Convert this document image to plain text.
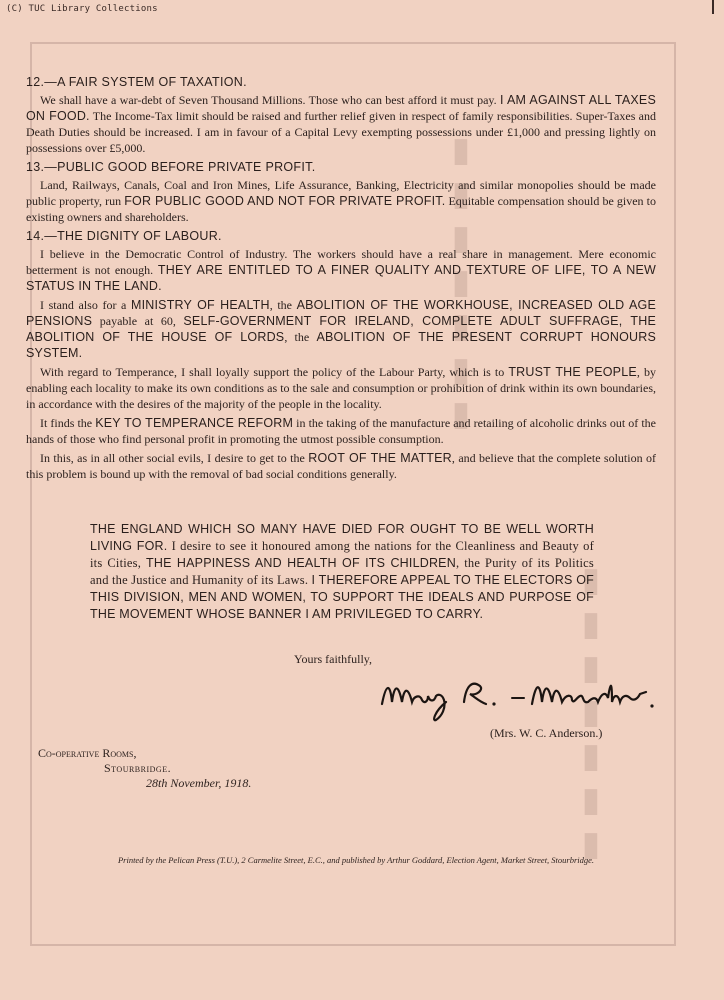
(C) TUC Library Collections
▮▮▮▮▮▮▮
▮▮▮▮▮▮▮

12.—A FAIR SYSTEM OF TAXATION.

We shall have a war-debt of Seven Thousand Millions. Those who can best afford it must pay. I AM AGAINST ALL TAXES ON FOOD. The Income-Tax limit should be raised and further relief given in respect of family responsibilities. Super-Taxes and Death Duties should be increased. I am in favour of a Capital Levy exempting possessions under £1,000 and pressing lightly on possessions over £5,000.

13.—PUBLIC GOOD BEFORE PRIVATE PROFIT.

Land, Railways, Canals, Coal and Iron Mines, Life Assurance, Banking, Electricity and similar monopolies should be made public property, run FOR PUBLIC GOOD AND NOT FOR PRIVATE PROFIT. Equitable compensation should be given to existing owners and shareholders.

14.—THE DIGNITY OF LABOUR.

I believe in the Democratic Control of Industry. The workers should have a real share in management. Mere economic betterment is not enough. THEY ARE ENTITLED TO A FINER QUALITY AND TEXTURE OF LIFE, TO A NEW STATUS IN THE LAND.

I stand also for a MINISTRY OF HEALTH, the ABOLITION OF THE WORKHOUSE, INCREASED OLD AGE PENSIONS payable at 60, SELF-GOVERNMENT FOR IRELAND, COMPLETE ADULT SUFFRAGE, THE ABOLITION OF THE HOUSE OF LORDS, the ABOLITION OF THE PRESENT CORRUPT HONOURS SYSTEM.

With regard to Temperance, I shall loyally support the policy of the Labour Party, which is to TRUST THE PEOPLE, by enabling each locality to make its own conditions as to the sale and consumption or prohibition of drink within its own boundaries, in accordance with the desires of the majority of the people in the locality.

It finds the KEY TO TEMPERANCE REFORM in the taking of the manufacture and retailing of alcoholic drinks out of the hands of those who find personal profit in promoting the utmost possible consumption.

In this, as in all other social evils, I desire to get to the ROOT OF THE MATTER, and believe that the complete solution of this problem is bound up with the removal of bad social conditions generally.

THE ENGLAND WHICH SO MANY HAVE DIED FOR OUGHT TO BE WELL WORTH LIVING FOR. I desire to see it honoured among the nations for the Cleanliness and Beauty of its Cities, THE HAPPINESS AND HEALTH OF ITS CHILDREN, the Purity of its Politics and the Justice and Humanity of its Laws. I THEREFORE APPEAL TO THE ELECTORS OF THIS DIVISION, MEN AND WOMEN, TO SUPPORT THE IDEALS AND PURPOSE OF THE MOVEMENT WHOSE BANNER I AM PRIVILEGED TO CARRY.
Yours faithfully,
(Mrs. W. C. Anderson.)
Co-operative Rooms,
Stourbridge.
28th November, 1918.
Printed by the Pelican Press (T.U.), 2 Carmelite Street, E.C., and published by Arthur Goddard, Election Agent, Market Street, Stourbridge.
